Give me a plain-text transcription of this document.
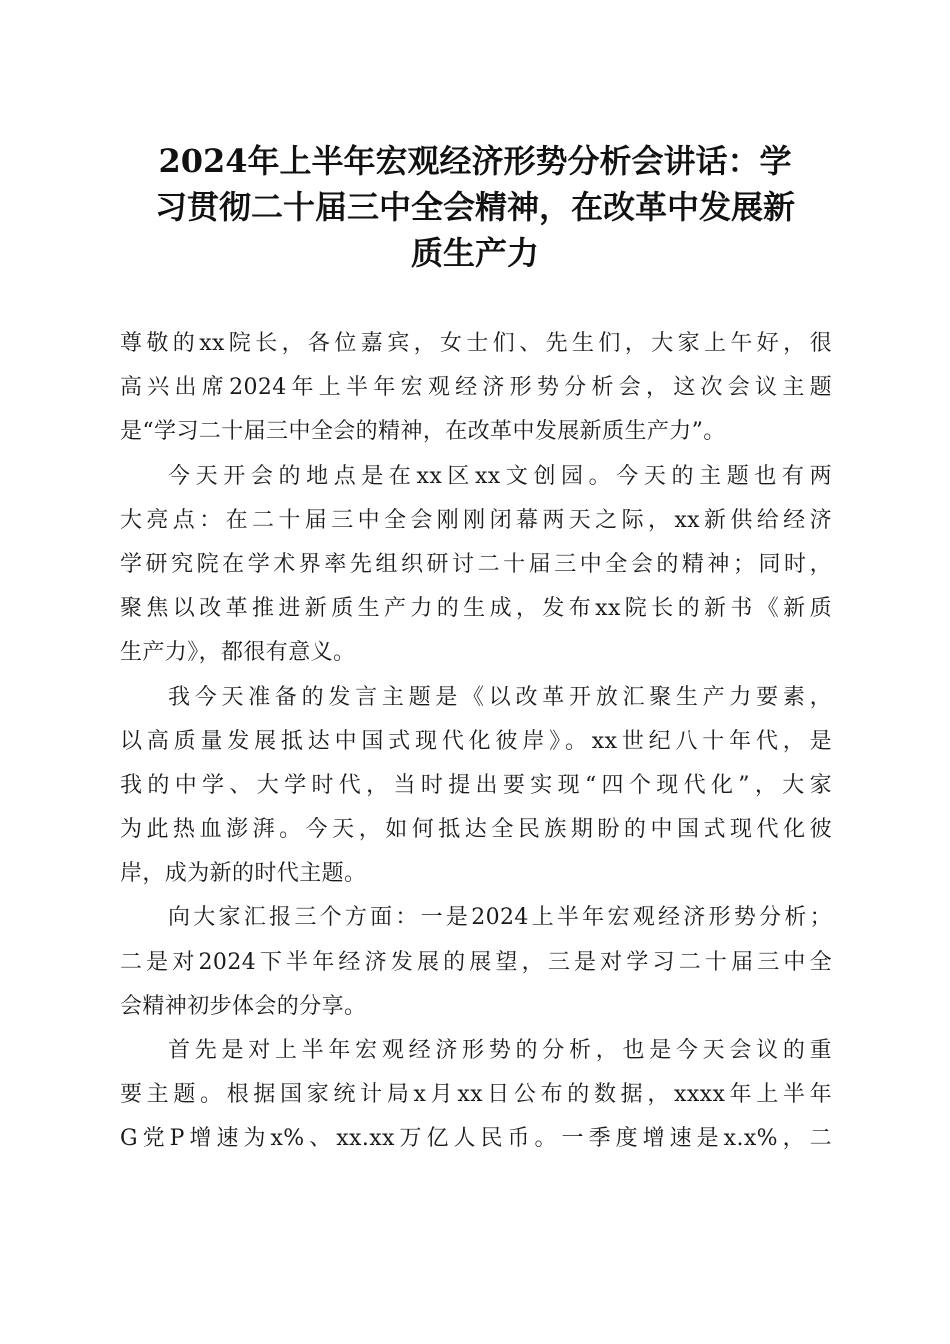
2024年上半年宏观经济形势分析会讲话：学
习贯彻二十届三中全会精神，在改革中发展新
质生产力
尊敬的xx院长，各位嘉宾，女士们、先生们，大家上午好，很
高兴出席2024年上半年宏观经济形势分析会，这次会议主题
是“学习二十届三中全会的精神，在改革中发展新质生产力”。
今天开会的地点是在xx区xx文创园。今天的主题也有两
大亮点：在二十届三中全会刚刚闭幕两天之际，xx新供给经济
学研究院在学术界率先组织研讨二十届三中全会的精神；同时，
聚焦以改革推进新质生产力的生成，发布xx院长的新书《新质
生产力》，都很有意义。
我今天准备的发言主题是《以改革开放汇聚生产力要素，
以高质量发展抵达中国式现代化彼岸》。xx世纪八十年代，是
我的中学、大学时代，当时提出要实现“四个现代化”，大家
为此热血澎湃。今天，如何抵达全民族期盼的中国式现代化彼
岸，成为新的时代主题。
向大家汇报三个方面：一是2024上半年宏观经济形势分析；
二是对2024下半年经济发展的展望，三是对学习二十届三中全
会精神初步体会的分享。
首先是对上半年宏观经济形势的分析，也是今天会议的重
要主题。根据国家统计局x月xx日公布的数据，xxxx年上半年
G党P增速为x%、xx.xx万亿人民币。一季度增速是x.x%，二
